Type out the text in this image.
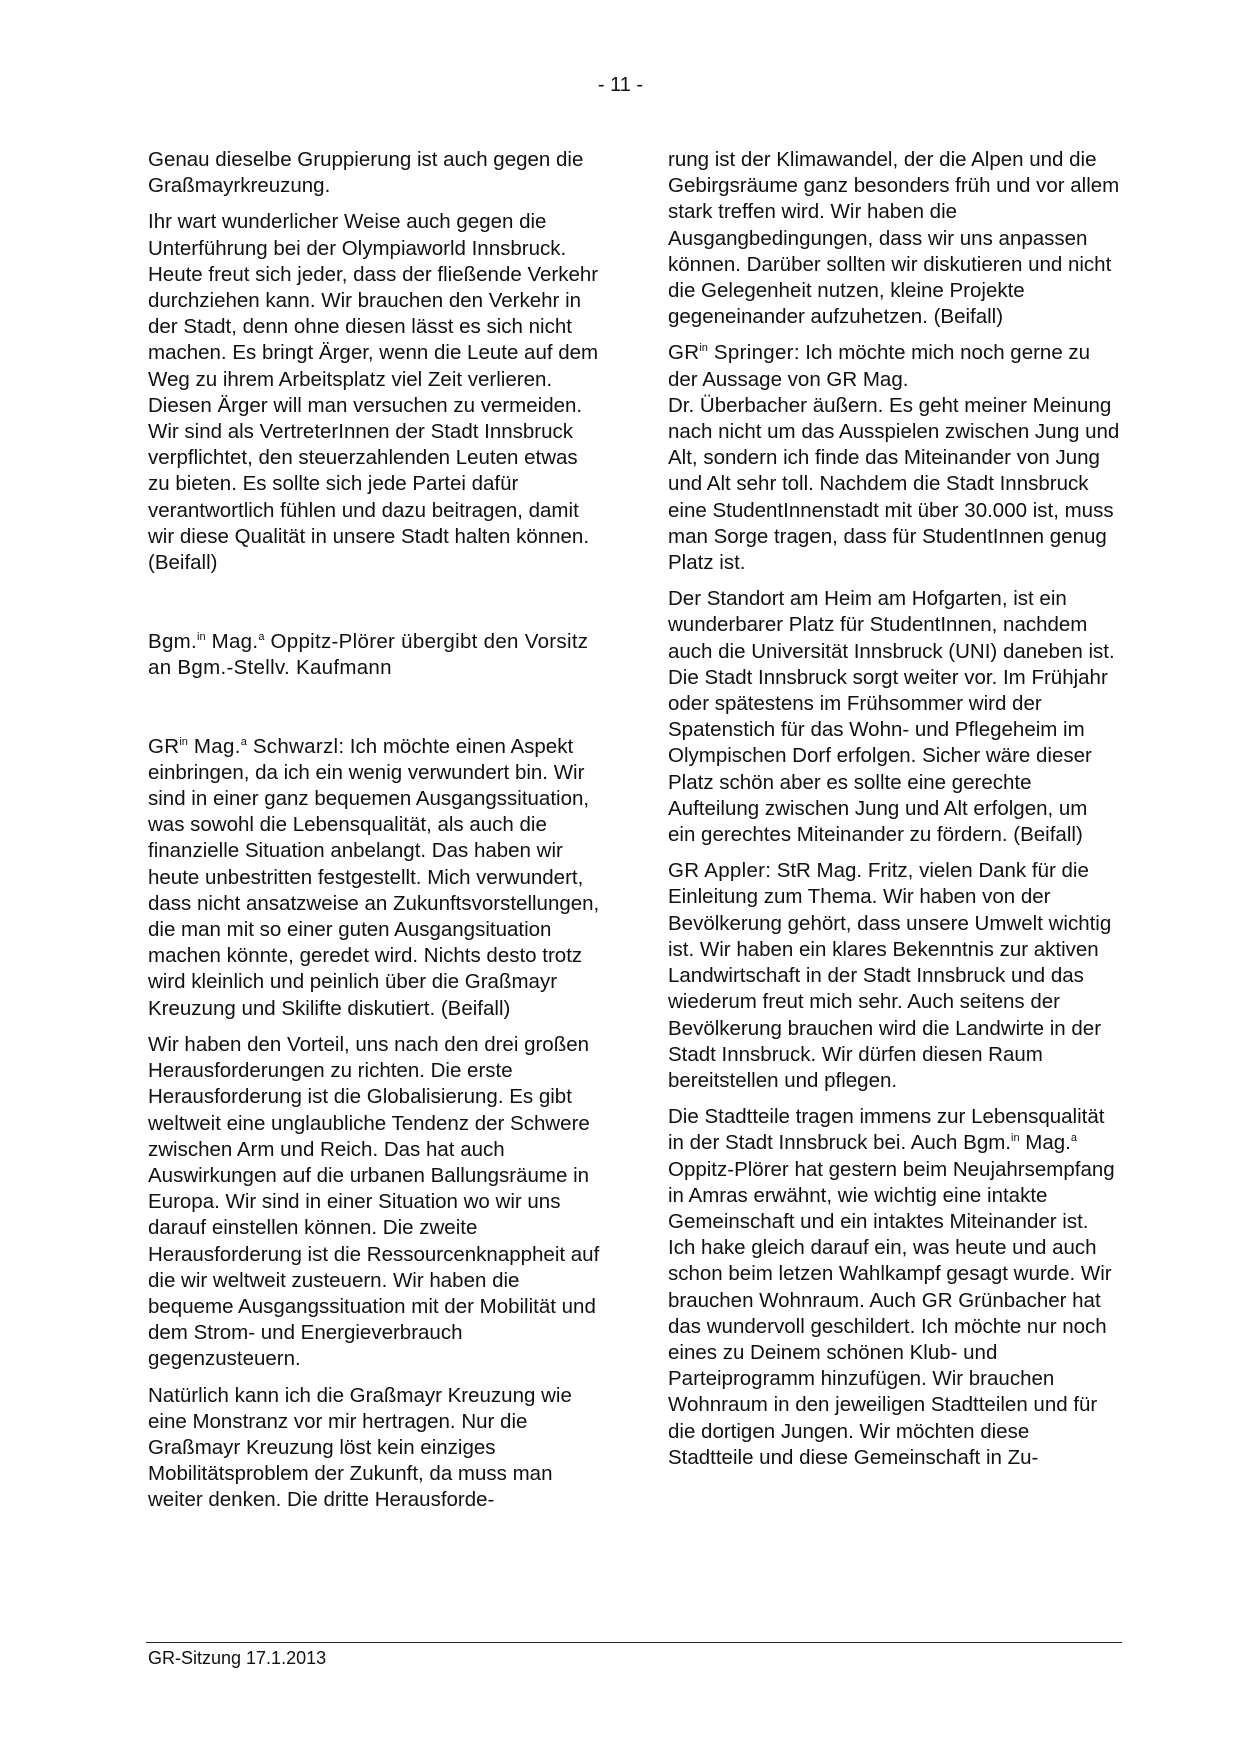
- 11 -

Genau dieselbe Gruppierung ist auch gegen die Graßmayrkreuzung.

Ihr wart wunderlicher Weise auch gegen die Unterführung bei der Olympiaworld Innsbruck. Heute freut sich jeder, dass der fließende Verkehr durchziehen kann. Wir brauchen den Verkehr in der Stadt, denn ohne diesen lässt es sich nicht machen. Es bringt Ärger, wenn die Leute auf dem Weg zu ihrem Arbeitsplatz viel Zeit verlieren. Diesen Ärger will man versuchen zu vermeiden. Wir sind als VertreterInnen der Stadt Innsbruck verpflichtet, den steuerzahlenden Leuten etwas zu bieten. Es sollte sich jede Partei dafür verantwortlich fühlen und dazu beitragen, damit wir diese Qualität in unsere Stadt halten können. (Beifall)

Bgm.$^{in}$ Mag.$^a$ Oppitz-Plörer übergibt den Vorsitz an Bgm.-Stellv. Kaufmann

$GR^{in}$ Mag.$^a$ Schwarzl: Ich möchte einen Aspekt einbringen, da ich ein wenig verwundert bin. Wir sind in einer ganz bequemen Ausgangssituation, was sowohl die Lebensqualität, als auch die finanzielle Situation anbelangt. Das haben wir heute unbestritten festgestellt. Mich verwundert, dass nicht ansatzweise an Zukunftsvorstellungen, die man mit so einer guten Ausgangsituation machen könnte, geredet wird. Nichts desto trotz wird kleinlich und peinlich über die Graßmayr Kreuzung und Skilifte diskutiert. (Beifall)

Wir haben den Vorteil, uns nach den drei großen Herausforderungen zu richten. Die erste Herausforderung ist die Globalisierung. Es gibt weltweit eine unglaubliche Tendenz der Schwere zwischen Arm und Reich. Das hat auch Auswirkungen auf die urbanen Ballungsräume in Europa. Wir sind in einer Situation wo wir uns darauf einstellen können. Die zweite Herausforderung ist die Ressourcenknappheit auf die wir weltweit zusteuern. Wir haben die bequeme Ausgangssituation mit der Mobilität und dem Strom- und Energieverbrauch gegenzusteuern.

Natürlich kann ich die Graßmayr Kreuzung wie eine Monstranz vor mir hertragen. Nur die Graßmayr Kreuzung löst kein einziges Mobilitätsproblem der Zukunft, da muss man weiter denken. Die dritte Herausforde-

rung ist der Klimawandel, der die Alpen und die Gebirgsräume ganz besonders früh und vor allem stark treffen wird. Wir haben die Ausgangbedingungen, dass wir uns anpassen können. Darüber sollten wir diskutieren und nicht die Gelegenheit nutzen, kleine Projekte gegeneinander aufzuhetzen. (Beifall)

$GR^{in}$ Springer: Ich möchte mich noch gerne zu der Aussage von GR Mag.
Dr. Überbacher äußern. Es geht meiner Meinung nach nicht um das Ausspielen zwischen Jung und Alt, sondern ich finde das Miteinander von Jung und Alt sehr toll. Nachdem die Stadt Innsbruck eine StudentInnenstadt mit über 30.000 ist, muss man Sorge tragen, dass für StudentInnen genug Platz ist.

Der Standort am Heim am Hofgarten, ist ein wunderbarer Platz für StudentInnen, nachdem auch die Universität Innsbruck (UNI) daneben ist. Die Stadt Innsbruck sorgt weiter vor. Im Frühjahr oder spätestens im Frühsommer wird der Spatenstich für das Wohn- und Pflegeheim im Olympischen Dorf erfolgen. Sicher wäre dieser Platz schön aber es sollte eine gerechte Aufteilung zwischen Jung und Alt erfolgen, um ein gerechtes Miteinander zu fördern. (Beifall)

GR Appler: StR Mag. Fritz, vielen Dank für die Einleitung zum Thema. Wir haben von der Bevölkerung gehört, dass unsere Umwelt wichtig ist. Wir haben ein klares Bekenntnis zur aktiven Landwirtschaft in der Stadt Innsbruck und das wiederum freut mich sehr. Auch seitens der Bevölkerung brauchen wird die Landwirte in der Stadt Innsbruck. Wir dürfen diesen Raum bereitstellen und pflegen.

Die Stadtteile tragen immens zur Lebensqualität in der Stadt Innsbruck bei. Auch Bgm.$^{in}$ Mag.$^a$ Oppitz-Plörer hat gestern beim Neujahrsempfang in Amras erwähnt, wie wichtig eine intakte Gemeinschaft und ein intaktes Miteinander ist. Ich hake gleich darauf ein, was heute und auch schon beim letzen Wahlkampf gesagt wurde. Wir brauchen Wohnraum. Auch GR Grünbacher hat das wundervoll geschildert. Ich möchte nur noch eines zu Deinem schönen Klub- und Parteiprogramm hinzufügen. Wir brauchen Wohnraum in den jeweiligen Stadtteilen und für die dortigen Jungen. Wir möchten diese Stadtteile und diese Gemeinschaft in Zu-

GR-Sitzung 17.1.2013
